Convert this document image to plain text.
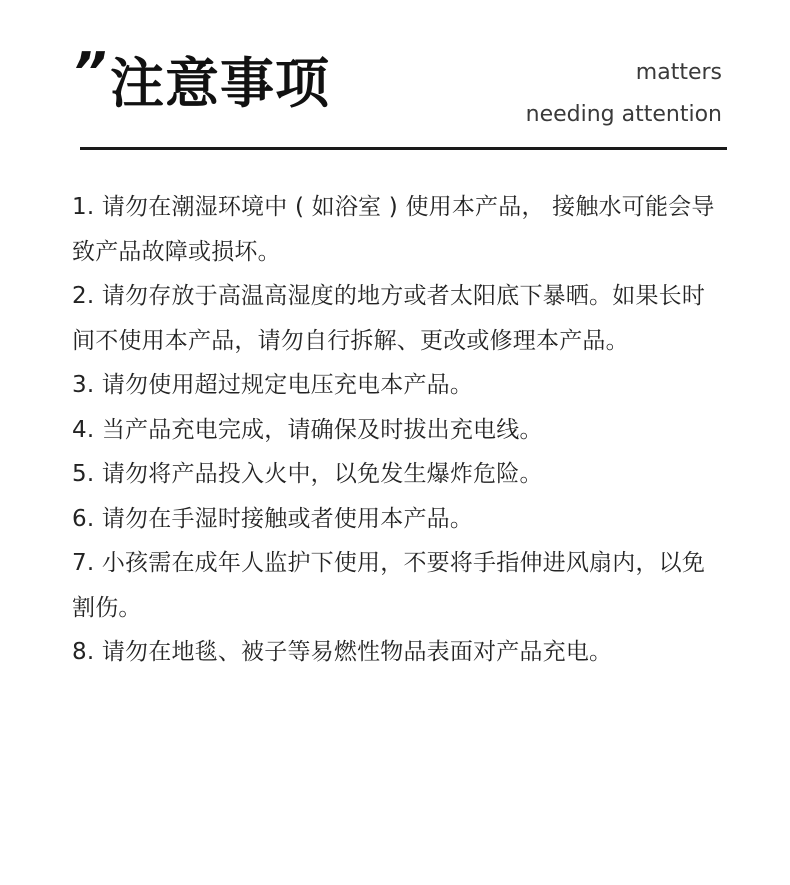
” 注意事项	matters
needing attention
1. 请勿在潮湿环境中 ( 如浴室 ) 使用本产品， 接触水可能会导致产品故障或损坏。
2. 请勿存放于高温高湿度的地方或者太阳底下暴晒。如果长时间不使用本产品，请勿自行拆解、更改或修理本产品。
3. 请勿使用超过规定电压充电本产品。
4. 当产品充电完成，请确保及时拔出充电线。
5. 请勿将产品投入火中，以免发生爆炸危险。
6. 请勿在手湿时接触或者使用本产品。
7. 小孩需在成年人监护下使用，不要将手指伸进风扇内，以免割伤。
8. 请勿在地毯、被子等易燃性物品表面对产品充电。
